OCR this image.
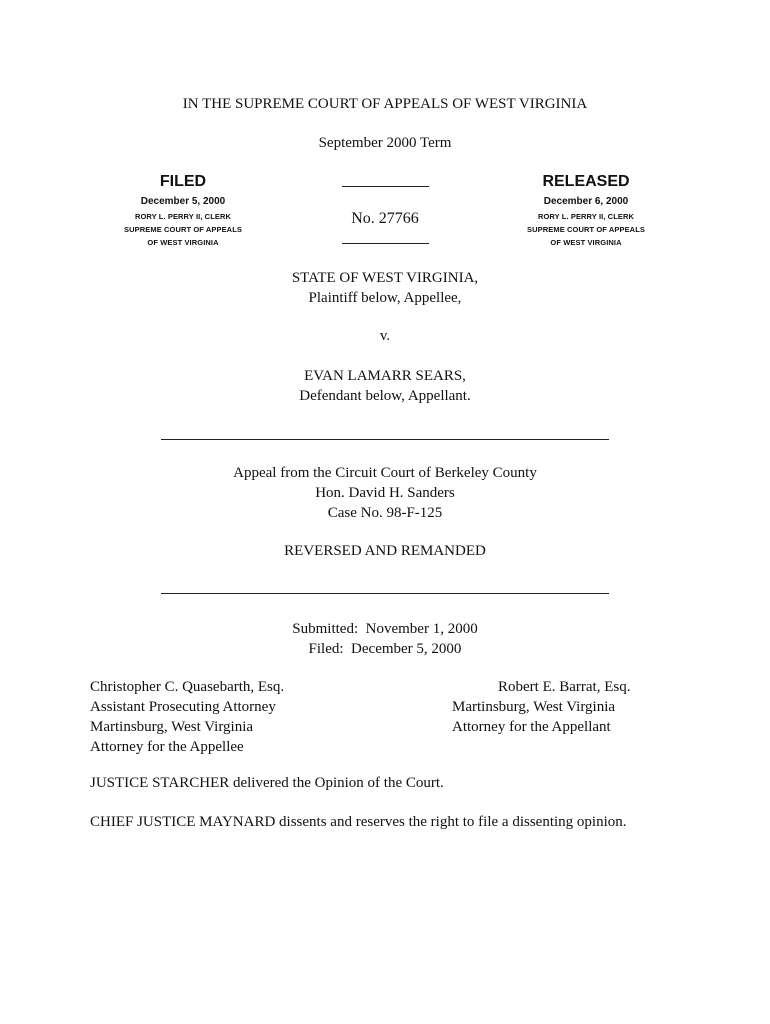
IN THE SUPREME COURT OF APPEALS OF WEST VIRGINIA
September 2000 Term
FILED
December 5, 2000
RORY L. PERRY II, CLERK
SUPREME COURT OF APPEALS
OF WEST VIRGINIA
No. 27766
RELEASED
December 6, 2000
RORY L. PERRY II, CLERK
SUPREME COURT OF APPEALS
OF WEST VIRGINIA
STATE OF WEST VIRGINIA,
Plaintiff below, Appellee,
v.
EVAN LAMARR SEARS,
Defendant below, Appellant.
Appeal from the Circuit Court of Berkeley County
Hon. David H. Sanders
Case No. 98-F-125
REVERSED AND REMANDED
Submitted:  November 1, 2000
Filed:  December 5, 2000
Christopher C. Quasebarth, Esq.
Assistant Prosecuting Attorney
Martinsburg, West Virginia
Attorney for the Appellee
Robert E. Barrat, Esq.
Martinsburg, West Virginia
Attorney for the Appellant
JUSTICE STARCHER delivered the Opinion of the Court.
CHIEF JUSTICE MAYNARD dissents and reserves the right to file a dissenting opinion.
